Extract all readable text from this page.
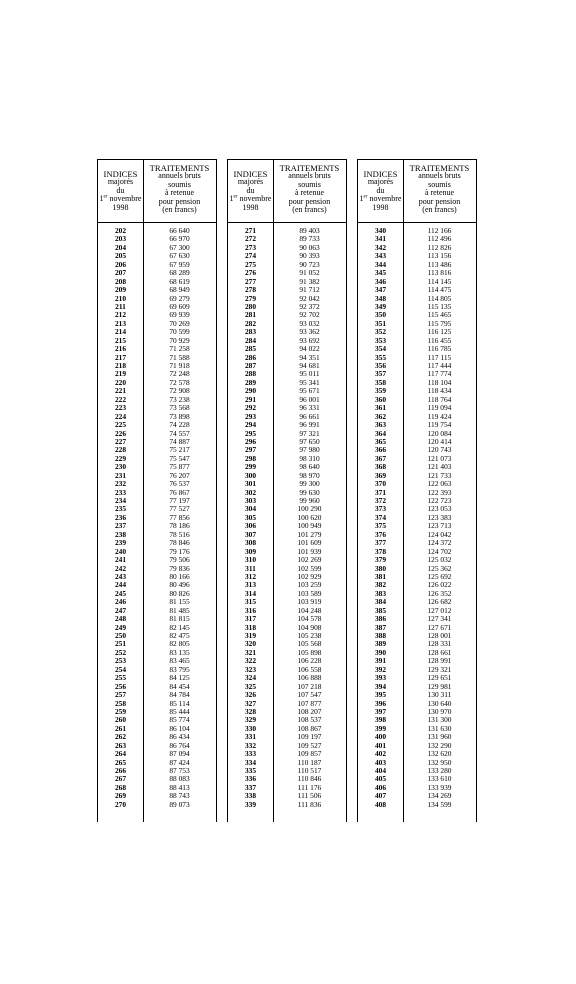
INDICES
majorés
du
1er novembre
1998
TRAITEMENTS
annuels bruts
soumis
à retenue
pour pension
(en francs)
202	66 640
203	66 970
204	67 300
205	67 630
206	67 959
207	68 289
208	68 619
209	68 949
210	69 279
211	69 609
212	69 939
213	70 269
214	70 599
215	70 929
216	71 258
217	71 588
218	71 918
219	72 248
220	72 578
221	72 908
222	73 238
223	73 568
224	73 898
225	74 228
226	74 557
227	74 887
228	75 217
229	75 547
230	75 877
231	76 207
232	76 537
233	76 867
234	77 197
235	77 527
236	77 856
237	78 186
238	78 516
239	78 846
240	79 176
241	79 506
242	79 836
243	80 166
244	80 496
245	80 826
246	81 155
247	81 485
248	81 815
249	82 145
250	82 475
251	82 805
252	83 135
253	83 465
254	83 795
255	84 125
256	84 454
257	84 784
258	85 114
259	85 444
260	85 774
261	86 104
262	86 434
263	86 764
264	87 094
265	87 424
266	87 753
267	88 083
268	88 413
269	88 743
270	89 073
INDICES
majorés
du
1er novembre
1998
TRAITEMENTS
annuels bruts
soumis
à retenue
pour pension
(en francs)
271	89 403
272	89 733
273	90 063
274	90 393
275	90 723
276	91 052
277	91 382
278	91 712
279	92 042
280	92 372
281	92 702
282	93 032
283	93 362
284	93 692
285	94 022
286	94 351
287	94 681
288	95 011
289	95 341
290	95 671
291	96 001
292	96 331
293	96 661
294	96 991
295	97 321
296	97 650
297	97 980
298	98 310
299	98 640
300	98 970
301	99 300
302	99 630
303	99 960
304	100 290
305	100 620
306	100 949
307	101 279
308	101 609
309	101 939
310	102 269
311	102 599
312	102 929
313	103 259
314	103 589
315	103 919
316	104 248
317	104 578
318	104 908
319	105 238
320	105 568
321	105 898
322	106 228
323	106 558
324	106 888
325	107 218
326	107 547
327	107 877
328	108 207
329	108 537
330	108 867
331	109 197
332	109 527
333	109 857
334	110 187
335	110 517
336	110 846
337	111 176
338	111 506
339	111 836
INDICES
majorés
du
1er novembre
1998
TRAITEMENTS
annuels bruts
soumis
à retenue
pour pension
(en francs)
340	112 166
341	112 496
342	112 826
343	113 156
344	113 486
345	113 816
346	114 145
347	114 475
348	114 805
349	115 135
350	115 465
351	115 795
352	116 125
353	116 455
354	116 785
355	117 115
356	117 444
357	117 774
358	118 104
359	118 434
360	118 764
361	119 094
362	119 424
363	119 754
364	120 084
365	120 414
366	120 743
367	121 073
368	121 403
369	121 733
370	122 063
371	122 393
372	122 723
373	123 053
374	123 383
375	123 713
376	124 042
377	124 372
378	124 702
379	125 032
380	125 362
381	125 692
382	126 022
383	126 352
384	126 682
385	127 012
386	127 341
387	127 671
388	128 001
389	128 331
390	128 661
391	128 991
392	129 321
393	129 651
394	129 981
395	130 311
396	130 640
397	130 970
398	131 300
399	131 630
400	131 960
401	132 290
402	132 620
403	132 950
404	133 280
405	133 610
406	133 939
407	134 269
408	134 599
